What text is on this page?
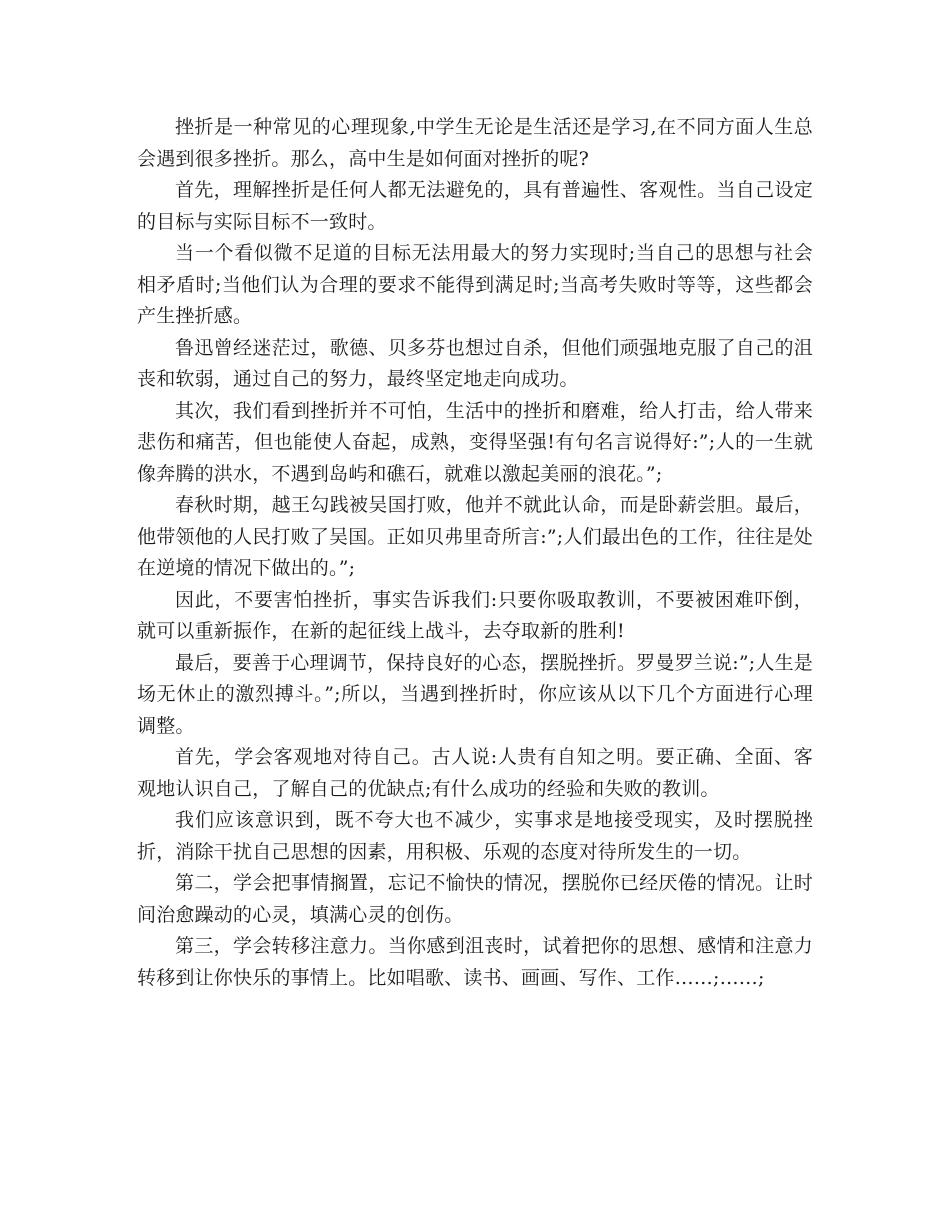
挫折是一种常见的心理现象,中学生无论是生活还是学习,在不同方面人生总会遇到很多挫折。那么，高中生是如何面对挫折的呢?

首先，理解挫折是任何人都无法避免的，具有普遍性、客观性。当自己设定的目标与实际目标不一致时。

当一个看似微不足道的目标无法用最大的努力实现时;当自己的思想与社会相矛盾时;当他们认为合理的要求不能得到满足时;当高考失败时等等，这些都会产生挫折感。

鲁迅曾经迷茫过，歌德、贝多芬也想过自杀，但他们顽强地克服了自己的沮丧和软弱，通过自己的努力，最终坚定地走向成功。

其次，我们看到挫折并不可怕，生活中的挫折和磨难，给人打击，给人带来悲伤和痛苦，但也能使人奋起，成熟，变得坚强!有句名言说得好:”;人的一生就像奔腾的洪水，不遇到岛屿和礁石，就难以激起美丽的浪花。”;

春秋时期，越王勾践被吴国打败，他并不就此认命，而是卧薪尝胆。最后，他带领他的人民打败了吴国。正如贝弗里奇所言:”;人们最出色的工作，往往是处在逆境的情况下做出的。”;

因此，不要害怕挫折，事实告诉我们:只要你吸取教训，不要被困难吓倒，就可以重新振作，在新的起征线上战斗，去夺取新的胜利!

最后，要善于心理调节，保持良好的心态，摆脱挫折。罗曼罗兰说:”;人生是场无休止的激烈搏斗。”;所以，当遇到挫折时，你应该从以下几个方面进行心理调整。

首先，学会客观地对待自己。古人说:人贵有自知之明。要正确、全面、客观地认识自己，了解自己的优缺点;有什么成功的经验和失败的教训。

我们应该意识到，既不夸大也不减少，实事求是地接受现实，及时摆脱挫折，消除干扰自己思想的因素，用积极、乐观的态度对待所发生的一切。

第二，学会把事情搁置，忘记不愉快的情况，摆脱你已经厌倦的情况。让时间治愈躁动的心灵，填满心灵的创伤。

第三，学会转移注意力。当你感到沮丧时，试着把你的思想、感情和注意力转移到让你快乐的事情上。比如唱歌、读书、画画、写作、工作……;……;
